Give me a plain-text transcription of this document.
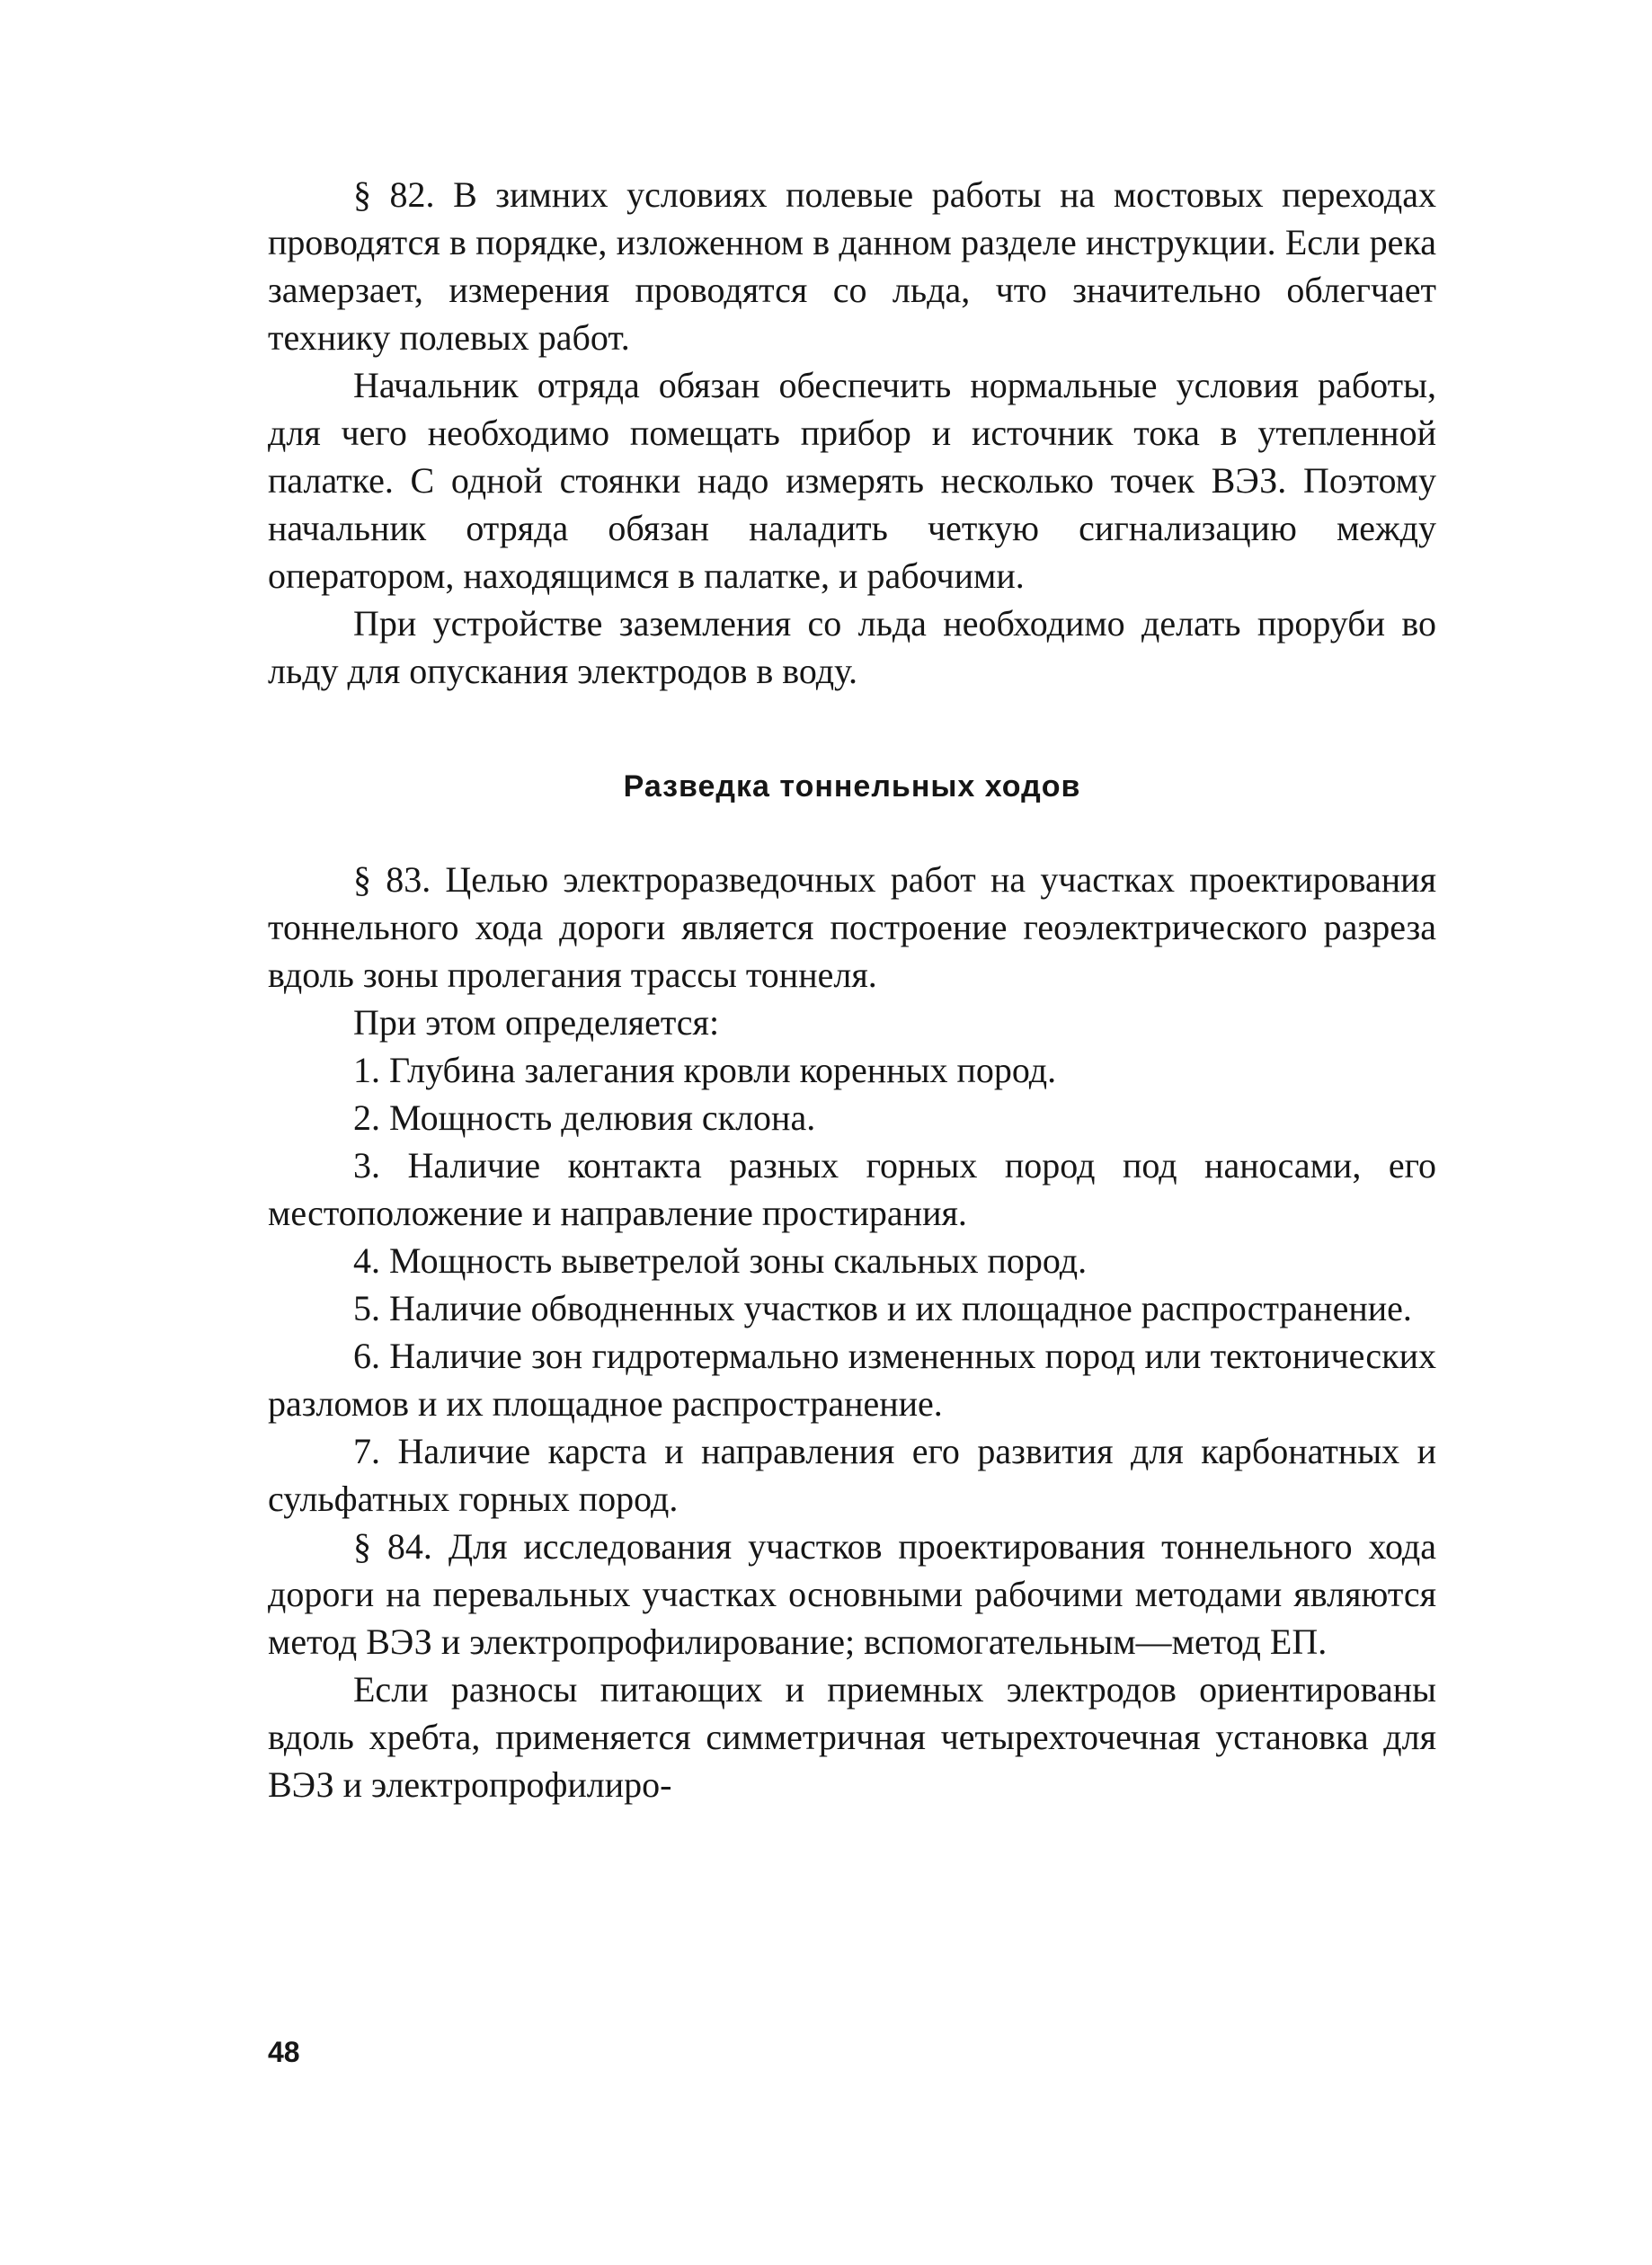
§ 82. В зимних условиях полевые работы на мостовых переходах проводятся в порядке, изложенном в данном разделе инструкции. Если река замерзает, измерения проводятся со льда, что значительно облегчает технику полевых работ.

Начальник отряда обязан обеспечить нормальные условия работы, для чего необходимо помещать прибор и источник тока в утепленной палатке. С одной стоянки надо измерять несколько точек ВЭЗ. Поэтому начальник отряда обязан наладить четкую сигнализацию между оператором, находящимся в палатке, и рабочими.

При устройстве заземления со льда необходимо делать проруби во льду для опускания электродов в воду.

Разведка тоннельных ходов

§ 83. Целью электроразведочных работ на участках проектирования тоннельного хода дороги является построение геоэлектрического разреза вдоль зоны пролегания трассы тоннеля.

При этом определяется:

1. Глубина залегания кровли коренных пород.

2. Мощность делювия склона.

3. Наличие контакта разных горных пород под наносами, его местоположение и направление простирания.

4. Мощность выветрелой зоны скальных пород.

5. Наличие обводненных участков и их площадное распространение.

6. Наличие зон гидротермально измененных пород или тектонических разломов и их площадное распространение.

7. Наличие карста и направления его развития для карбонатных и сульфатных горных пород.

§ 84. Для исследования участков проектирования тоннельного хода дороги на перевальных участках основными рабочими методами являются метод ВЭЗ и электропрофилирование; вспомогательным—метод ЕП.

Если разносы питающих и приемных электродов ориентированы вдоль хребта, применяется симметричная четырехточечная установка для ВЭЗ и электропрофилиро-

48
